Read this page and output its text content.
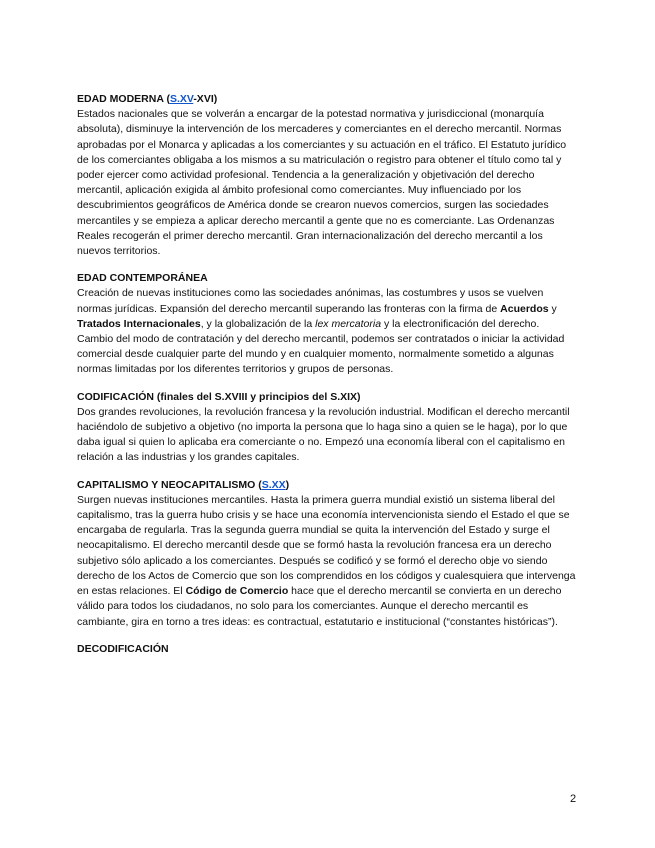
EDAD MODERNA (S.XV-XVI)

Estados nacionales que se volverán a encargar de la potestad normativa y jurisdiccional (monarquía absoluta), disminuye la intervención de los mercaderes y comerciantes en el derecho mercantil. Normas aprobadas por el Monarca y aplicadas a los comerciantes y su actuación en el tráfico. El Estatuto jurídico de los comerciantes obligaba a los mismos a su matriculación o registro para obtener el título como tal y poder ejercer como actividad profesional. Tendencia a la generalización y objetivación del derecho mercantil, aplicación exigida al ámbito profesional como comerciantes. Muy influenciado por los descubrimientos geográficos de América donde se crearon nuevos comercios, surgen las sociedades mercantiles y se empieza a aplicar derecho mercantil a gente que no es comerciante. Las Ordenanzas Reales recogerán el primer derecho mercantil. Gran internacionalización del derecho mercantil a los nuevos territorios.

EDAD CONTEMPORÁNEA

Creación de nuevas instituciones como las sociedades anónimas, las costumbres y usos se vuelven normas jurídicas. Expansión del derecho mercantil superando las fronteras con la firma de Acuerdos y Tratados Internacionales, y la globalización de la lex mercatoria y la electronificación del derecho. Cambio del modo de contratación y del derecho mercantil, podemos ser contratados o iniciar la actividad comercial desde cualquier parte del mundo y en cualquier momento, normalmente sometido a algunas normas limitadas por los diferentes territorios y grupos de personas.

CODIFICACIÓN (finales del S.XVIII y principios del S.XIX)

Dos grandes revoluciones, la revolución francesa y la revolución industrial. Modifican el derecho mercantil haciéndolo de subjetivo a objetivo (no importa la persona que lo haga sino a quien se le haga), por lo que daba igual si quien lo aplicaba era comerciante o no. Empezó una economía liberal con el capitalismo en relación a las industrias y los grandes capitales.

CAPITALISMO Y NEOCAPITALISMO (S.XX)

Surgen nuevas instituciones mercantiles. Hasta la primera guerra mundial existió un sistema liberal del capitalismo, tras la guerra hubo crisis y se hace una economía intervencionista siendo el Estado el que se encargaba de regularla. Tras la segunda guerra mundial se quita la intervención del Estado y surge el neocapitalismo. El derecho mercantil desde que se formó hasta la revolución francesa era un derecho subjetivo sólo aplicado a los comerciantes. Después se codificó y se formó el derecho obje vo siendo derecho de los Actos de Comercio que son los comprendidos en los códigos y cualesquiera que intervenga en estas relaciones. El Código de Comercio hace que el derecho mercantil se convierta en un derecho válido para todos los ciudadanos, no solo para los comerciantes. Aunque el derecho mercantil es cambiante, gira en torno a tres ideas: es contractual, estatutario e institucional (“constantes históricas”).

DECODIFICACIÓN

2
